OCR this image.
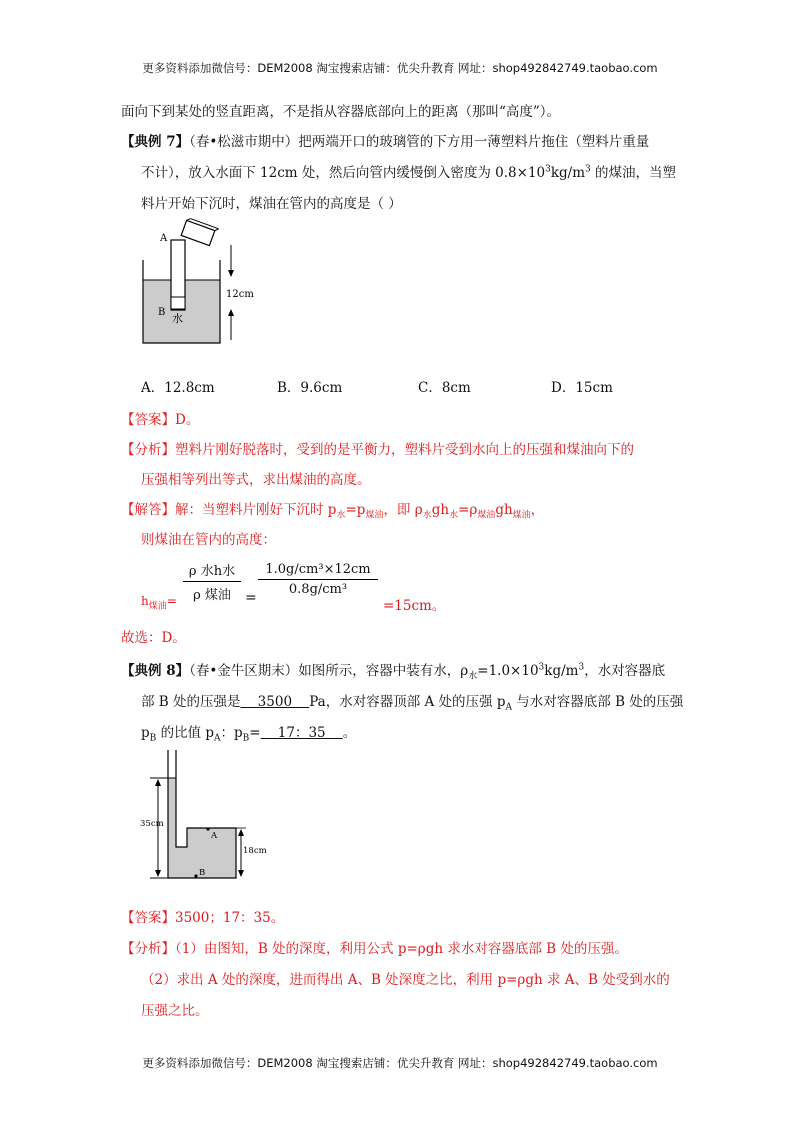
更多资料添加微信号：DEM2008 淘宝搜索店铺：优尖升教育 网址：shop492842749.taobao.com
面向下到某处的竖直距离，不是指从容器底部向上的距离（那叫“高度”）。
【典例 7】（春•松滋市期中）把两端开口的玻璃管的下方用一薄塑料片拖住（塑料片重量
不计），放入水面下 12cm 处，然后向管内缓慢倒入密度为 $0.8\times 10^3kg/m^3$ 的煤油，当塑
料片开始下沉时，煤油在管内的高度是（ ）
A
B 水
12cm
A．12.8cm	B．9.6cm	C．8cm	D．15cm
【答案】D。
【分析】塑料片刚好脱落时，受到的是平衡力，塑料片受到水向上的压强和煤油向下的
压强相等列出等式，求出煤油的高度。
【解答】解：当塑料片刚好下沉时 $p_水=p_{煤油}$，即 $\rho_水gh_水=\rho_{煤油}gh_{煤油}$，
则煤油在管内的高度：
$h_{煤油}=$
ρ 水h水
ρ 煤油	=
$\frac{\text{1.0g/cm³×12cm}}{\text{0.8g/cm³}}$
=15cm。
故选：D。
【典例 8】（春•金牛区期末）如图所示，容器中装有水，$\rho_水=1.0\times 10^3kg/m^3$，水对容器底
部 B 处的压强是    3500    Pa，水对容器顶部 A 处的压强 $p_A$ 与水对容器底部 B 处的压强
$p_B$ 的比值 $p_A$：$p_B=$    17：35    。
35cm
18cm
A
B
【答案】3500；17：35。
【分析】（1）由图知，B 处的深度，利用公式 p=ρgh 求水对容器底部 B 处的压强。
（2）求出 A 处的深度，进而得出 A、B 处深度之比，利用 p=ρgh 求 A、B 处受到水的
压强之比。
更多资料添加微信号：DEM2008 淘宝搜索店铺：优尖升教育 网址：shop492842749.taobao.com
